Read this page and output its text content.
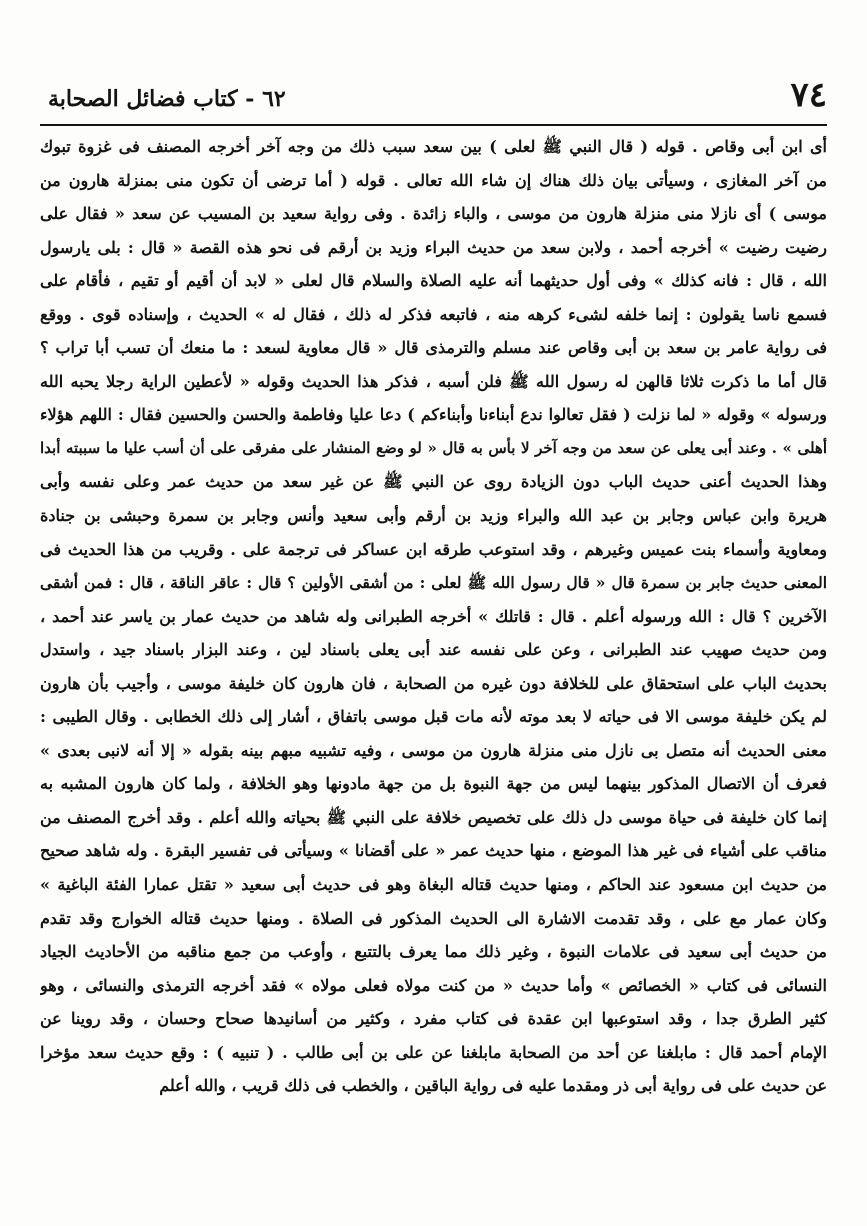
٧٤
٦٢ - كتاب فضائل الصحابة
أى ابن أبى وقاص . قوله ( قال النبي ﷺ لعلى ) بين سعد سبب ذلك من وجه آخر أخرجه المصنف فى غزوة تبوك
من آخر المغازى ، وسيأتى بيان ذلك هناك إن شاء الله تعالى . قوله ( أما ترضى أن تكون منى بمنزلة هارون من
موسى ) أى نازلا منى منزلة هارون من موسى ، والباء زائدة . وفى رواية سعيد بن المسيب عن سعد « فقال على
رضيت رضيت » أخرجه أحمد ، ولابن سعد من حديث البراء وزيد بن أرقم فى نحو هذه القصة « قال : بلى يارسول
الله ، قال : فانه كذلك » وفى أول حديثهما أنه عليه الصلاة والسلام قال لعلى « لابد أن أقيم أو تقيم ، فأقام على
فسمع ناسا يقولون : إنما خلفه لشىء كرهه منه ، فاتبعه فذكر له ذلك ، فقال له » الحديث ، وإسناده قوى . ووقع
فى رواية عامر بن سعد بن أبى وقاص عند مسلم والترمذى قال « قال معاوية لسعد : ما منعك أن تسب أبا تراب ؟
قال أما ما ذكرت ثلاثا قالهن له رسول الله ﷺ فلن أسبه ، فذكر هذا الحديث وقوله « لأعطين الراية رجلا يحبه الله
ورسوله » وقوله « لما نزلت ( فقل تعالوا ندع أبناءنا وأبناءكم ) دعا عليا وفاطمة والحسن والحسين فقال : اللهم هؤلاء
أهلى » . وعند أبى يعلى عن سعد من وجه آخر لا بأس به قال « لو وضع المنشار على مفرقى على أن أسب عليا ما سببته أبدا
وهذا الحديث أعنى حديث الباب دون الزيادة روى عن النبي ﷺ عن غير سعد من حديث عمر وعلى نفسه وأبى
هريرة وابن عباس وجابر بن عبد الله والبراء وزيد بن أرقم وأبى سعيد وأنس وجابر بن سمرة وحبشى بن جنادة
ومعاوية وأسماء بنت عميس وغيرهم ، وقد استوعب طرقه ابن عساكر فى ترجمة على . وقريب من هذا الحديث فى
المعنى حديث جابر بن سمرة قال « قال رسول الله ﷺ لعلى : من أشقى الأولين ؟ قال : عاقر الناقة ، قال : فمن أشقى
الآخرين ؟ قال : الله ورسوله أعلم . قال : قاتلك » أخرجه الطبرانى وله شاهد من حديث عمار بن ياسر عند أحمد ،
ومن حديث صهيب عند الطبرانى ، وعن على نفسه عند أبى يعلى باسناد لين ، وعند البزار باسناد جيد ، واستدل
بحديث الباب على استحقاق على للخلافة دون غيره من الصحابة ، فان هارون كان خليفة موسى ، وأجيب بأن هارون
لم يكن خليفة موسى الا فى حياته لا بعد موته لأنه مات قبل موسى باتفاق ، أشار إلى ذلك الخطابى . وقال الطيبى :
معنى الحديث أنه متصل بى نازل منى منزلة هارون من موسى ، وفيه تشبيه مبهم بينه بقوله « إلا أنه لانبى بعدى »
فعرف أن الاتصال المذكور بينهما ليس من جهة النبوة بل من جهة مادونها وهو الخلافة ، ولما كان هارون المشبه به
إنما كان خليفة فى حياة موسى دل ذلك على تخصيص خلافة على النبي ﷺ بحياته والله أعلم . وقد أخرج المصنف من
مناقب على أشياء فى غير هذا الموضع ، منها حديث عمر « على أقضانا » وسيأتى فى تفسير البقرة . وله شاهد صحيح
من حديث ابن مسعود عند الحاكم ، ومنها حديث قتاله البغاة وهو فى حديث أبى سعيد « تقتل عمارا الفئة الباغية »
وكان عمار مع على ، وقد تقدمت الاشارة الى الحديث المذكور فى الصلاة . ومنها حديث قتاله الخوارج وقد تقدم
من حديث أبى سعيد فى علامات النبوة ، وغير ذلك مما يعرف بالتتبع ، وأوعب من جمع مناقبه من الأحاديث الجياد
النسائى فى كتاب « الخصائص » وأما حديث « من كنت مولاه فعلى مولاه » فقد أخرجه الترمذى والنسائى ، وهو
كثير الطرق جدا ، وقد استوعبها ابن عقدة فى كتاب مفرد ، وكثير من أسانيدها صحاح وحسان ، وقد روينا عن
الإمام أحمد قال : مابلغنا عن أحد من الصحابة مابلغنا عن على بن أبى طالب . ( تنبيه ) : وقع حديث سعد مؤخرا
عن حديث على فى رواية أبى ذر ومقدما عليه فى رواية الباقين ، والخطب فى ذلك قريب ، والله أعلم
